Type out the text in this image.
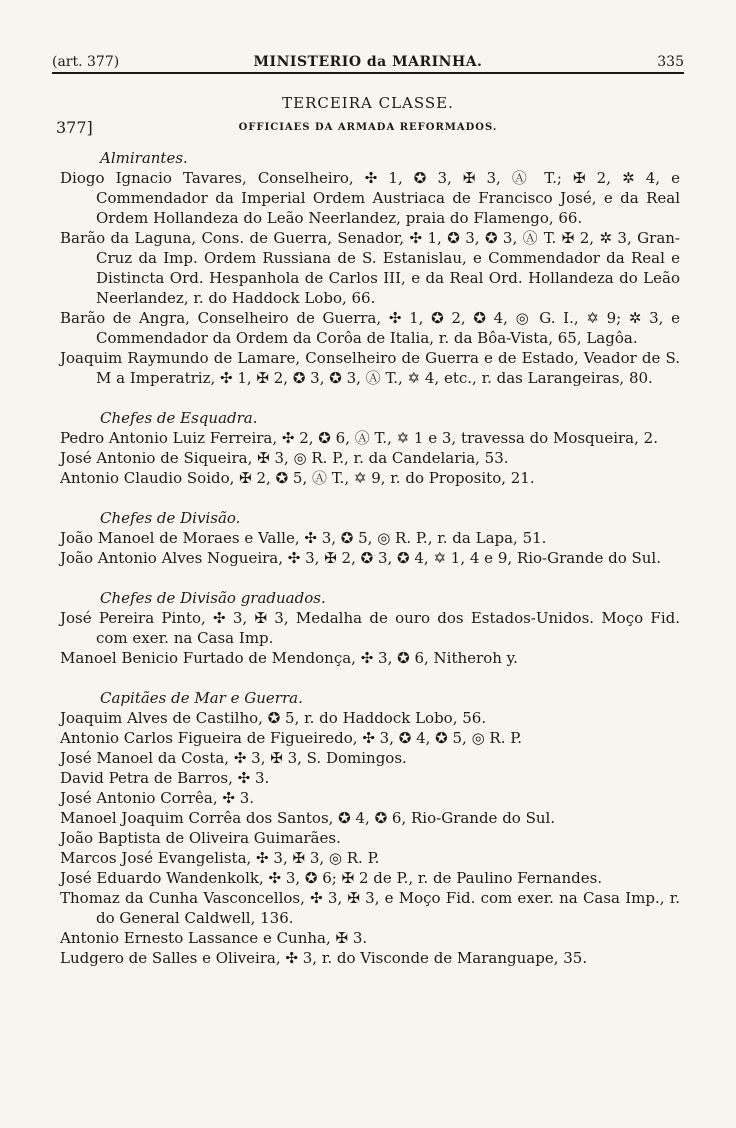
(art. 377)	MINISTERIO da MARINHA.	335
TERCEIRA CLASSE.
377]	OFFICIAES DA ARMADA REFORMADOS.

Almirantes.

Diogo Ignacio Tavares, Conselheiro, ✣ 1, ✪ 3, ✠ 3, Ⓐ T.; ✠ 2, ✲ 4, e Commendador da Imperial Ordem Austriaca de Francisco José, e da Real Ordem Hollandeza do Leão Neerlandez, praia do Flamengo, 66.

Barão da Laguna, Cons. de Guerra, Senador, ✣ 1, ✪ 3, ✪ 3, Ⓐ T. ✠ 2, ✲ 3, Gran-Cruz da Imp. Ordem Russiana de S. Estanislau, e Commendador da Real e Distincta Ord. Hespanhola de Carlos III, e da Real Ord. Hollandeza do Leão Neerlandez, r. do Haddock Lobo, 66.

Barão de Angra, Conselheiro de Guerra, ✣ 1, ✪ 2, ✪ 4, ◎ G. I., ✡ 9; ✲ 3, e Commendador da Ordem da Corôa de Italia, r. da Bôa-Vista, 65, Lagôa.

Joaquim Raymundo de Lamare, Conselheiro de Guerra e de Estado, Veador de S. M a Imperatriz, ✣ 1, ✠ 2, ✪ 3, ✪ 3, Ⓐ T., ✡ 4, etc., r. das Larangeiras, 80.

Chefes de Esquadra.

Pedro Antonio Luiz Ferreira, ✣ 2, ✪ 6, Ⓐ T., ✡ 1 e 3, travessa do Mosqueira, 2.

José Antonio de Siqueira, ✠ 3, ◎ R. P., r. da Candelaria, 53.

Antonio Claudio Soido, ✠ 2, ✪ 5, Ⓐ T., ✡ 9, r. do Proposito, 21.

Chefes de Divisão.

João Manoel de Moraes e Valle, ✣ 3, ✪ 5, ◎ R. P., r. da Lapa, 51.

João Antonio Alves Nogueira, ✣ 3, ✠ 2, ✪ 3, ✪ 4, ✡ 1, 4 e 9, Rio-Grande do Sul.

Chefes de Divisão graduados.

José Pereira Pinto, ✣ 3, ✠ 3, Medalha de ouro dos Estados-Unidos. Moço Fid. com exer. na Casa Imp.

Manoel Benicio Furtado de Mendonça, ✣ 3, ✪ 6, Nitheroh y.

Capitães de Mar e Guerra.

Joaquim Alves de Castilho, ✪ 5, r. do Haddock Lobo, 56.

Antonio Carlos Figueira de Figueiredo, ✣ 3, ✪ 4, ✪ 5, ◎ R. P.

José Manoel da Costa, ✣ 3, ✠ 3, S. Domingos.

David Petra de Barros, ✣ 3.

José Antonio Corrêa, ✣ 3.

Manoel Joaquim Corrêa dos Santos, ✪ 4, ✪ 6, Rio-Grande do Sul.

João Baptista de Oliveira Guimarães.

Marcos José Evangelista, ✣ 3, ✠ 3, ◎ R. P.

José Eduardo Wandenkolk, ✣ 3, ✪ 6; ✠ 2 de P., r. de Paulino Fernandes.

Thomaz da Cunha Vasconcellos, ✣ 3, ✠ 3, e Moço Fid. com exer. na Casa Imp., r. do General Caldwell, 136.

Antonio Ernesto Lassance e Cunha, ✠ 3.

Ludgero de Salles e Oliveira, ✣ 3, r. do Visconde de Maranguape, 35.
